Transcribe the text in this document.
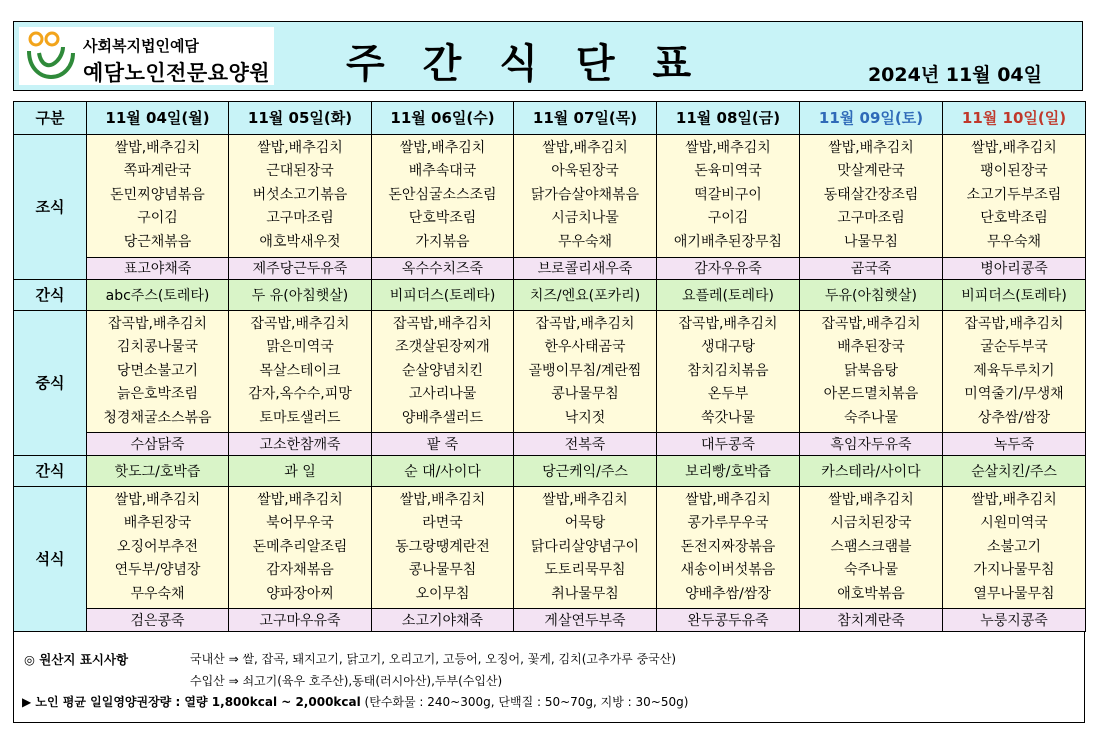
사회복지법인예담
예담노인전문요양원 주간식단표	2024년 11월 04일
구분	11월 04일(월)	11월 05일(화)	11월 06일(수)	11월 07일(목)	11월 08일(금)	11월 09일(토)	11월 10일(일)
조식	쌀밥,배추김치
쪽파계란국
돈민찌양념볶음
구이김
당근채볶음	쌀밥,배추김치
근대된장국
버섯소고기볶음
고구마조림
애호박새우젓	쌀밥,배추김치
배추속대국
돈안심굴소스조림
단호박조림
가지볶음	쌀밥,배추김치
아욱된장국
닭가슴살야채볶음
시금치나물
무우숙채	쌀밥,배추김치
돈육미역국
떡갈비구이
구이김
애기배추된장무침	쌀밥,배추김치
맛살계란국
동태살간장조림
고구마조림
나물무침	쌀밥,배추김치
팽이된장국
소고기두부조림
단호박조림
무우숙채

	표고야채죽	제주당근두유죽	옥수수치즈죽	브로콜리새우죽	감자우유죽	곰국죽	병아리콩죽
간식	abc주스(토레타)	두 유(아침햇살)	비피더스(토레타)	치즈/엔요(포카리)	요플레(토레타)	두유(아침햇살)	비피더스(토레타)
중식	잡곡밥,배추김치
김치콩나물국
당면소불고기
늙은호박조림
청경채굴소스볶음	잡곡밥,배추김치
맑은미역국
목살스테이크
감자,옥수수,피망
토마토샐러드	잡곡밥,배추김치
조갯살된장찌개
순살양념치킨
고사리나물
양배추샐러드	잡곡밥,배추김치
한우사태곰국
골뱅이무침/계란찜
콩나물무침
낙지젓	잡곡밥,배추김치
생대구탕
참치김치볶음
온두부
쑥갓나물	잡곡밥,배추김치
배추된장국
닭북음탕
아몬드멸치볶음
숙주나물	잡곡밥,배추김치
굴순두부국
제육두루치기
미역줄기/무생채
상추쌈/쌈장

	수삼닭죽	고소한참깨죽	팥 죽	전복죽	대두콩죽	흑임자두유죽	녹두죽
간식	핫도그/호박즙	과 일	순 대/사이다	당근케익/주스	보리빵/호박즙	카스테라/사이다	순살치킨/주스
석식	쌀밥,배추김치
배추된장국
오징어부추전
연두부/양념장
무우숙채	쌀밥,배추김치
북어무우국
돈메추리알조림
감자채볶음
양파장아찌	쌀밥,배추김치
라면국
동그랑땡계란전
콩나물무침
오이무침	쌀밥,배추김치
어묵탕
닭다리살양념구이
도토리묵무침
취나물무침	쌀밥,배추김치
콩가루무우국
돈전지짜장볶음
새송이버섯볶음
양배추쌈/쌈장	쌀밥,배추김치
시금치된장국
스팸스크램블
숙주나물
애호박볶음	쌀밥,배추김치
시원미역국
소불고기
가지나물무침
열무나물무침

	검은콩죽	고구마우유죽	소고기야채죽	게살연두부죽	완두콩두유죽	참치계란죽	누룽지콩죽
◎ 원산지 표시사항	국내산 ⇒ 쌀, 잡곡, 돼지고기, 닭고기, 오리고기, 고등어, 오징어, 꽃게, 김치(고추가루 중국산)
수입산 ⇒ 쇠고기(육우 호주산),동태(러시아산),두부(수입산)
▶ 노인 평균 일일영양권장량 : 열량 1,800kcal ~ 2,000kcal (탄수화물 : 240~300g, 단백질 : 50~70g, 지방 : 30~50g)
